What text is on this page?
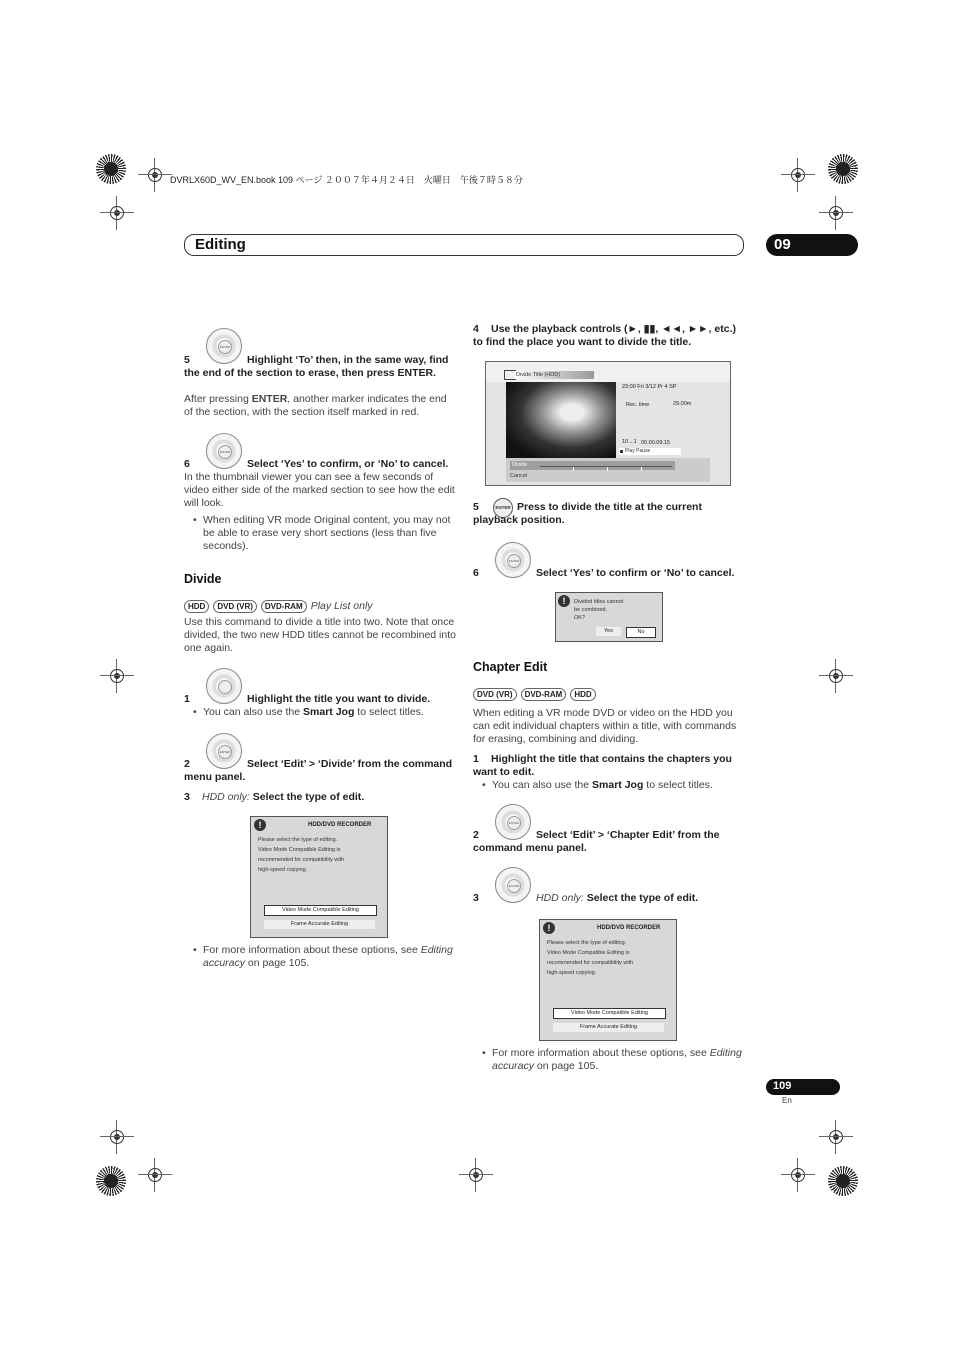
DVRLX60D_WV_EN.book 109 ページ ２００７年４月２４日　火曜日　午後７時５８分
Editing	09
ENTER
5	Highlight ‘To’ then, in the same way, find the end of the section to erase, then press ENTER.
After pressing ENTER, another marker indicates the end of the section, with the section itself marked in red.
ENTER
6	Select ‘Yes’ to confirm, or ‘No’ to cancel.
In the thumbnail viewer you can see a few seconds of video either side of the marked section to see how the edit will look.
• When editing VR mode Original content, you may not be able to erase very short sections (less than five seconds).
Divide
HDD DVD (VR) DVD-RAM Play List only
Use this command to divide a title into two. Note that once divided, the two new HDD titles cannot be recombined into one again.
1	Highlight the title you want to divide.
• You can also use the Smart Jog to select titles.
ENTER
2	Select ‘Edit’ > ‘Divide’ from the command menu panel.
3 HDD only: Select the type of edit.
!	HDD/DVD RECORDER
Please select the type of editing.
Video Mode Compatible Editing is
recommended for compatibility with
high-speed copying.
Video Mode Compatible Editing
Frame Accurate Editing
• For more information about these options, see Editing accuracy on page 105.
4	Use the playback controls (►, ▮▮, ◄◄, ►►, etc.) to find the place you want to divide the title.
Divide Title (HDD)
23:00 Fri 3/12 Pr 4 SP
Rec. time	29.00m
10→1 00.00.09.15
Play Pause
Divide
Cancel
5	ENTER Press to divide the title at the current playback position.
ENTER
6	Select ‘Yes’ to confirm or ‘No’ to cancel.
!	Divided titles cannot
be combined.
OK?
Yes	No
Chapter Edit
DVD (VR) DVD-RAM HDD
When editing a VR mode DVD or video on the HDD you can edit individual chapters within a title, with commands for erasing, combining and dividing.
1	Highlight the title that contains the chapters you want to edit.
• You can also use the Smart Jog to select titles.
ENTER
2	Select ‘Edit’ > ‘Chapter Edit’ from the command menu panel.
ENTER
3	HDD only: Select the type of edit.
!	HDD/DVD RECORDER
Please select the type of editing.
Video Mode Compatible Editing is
recommended for compatibility with
high-speed copying.
Video Mode Compatible Editing
Frame Accurate Editing
• For more information about these options, see Editing accuracy on page 105.
109
En
